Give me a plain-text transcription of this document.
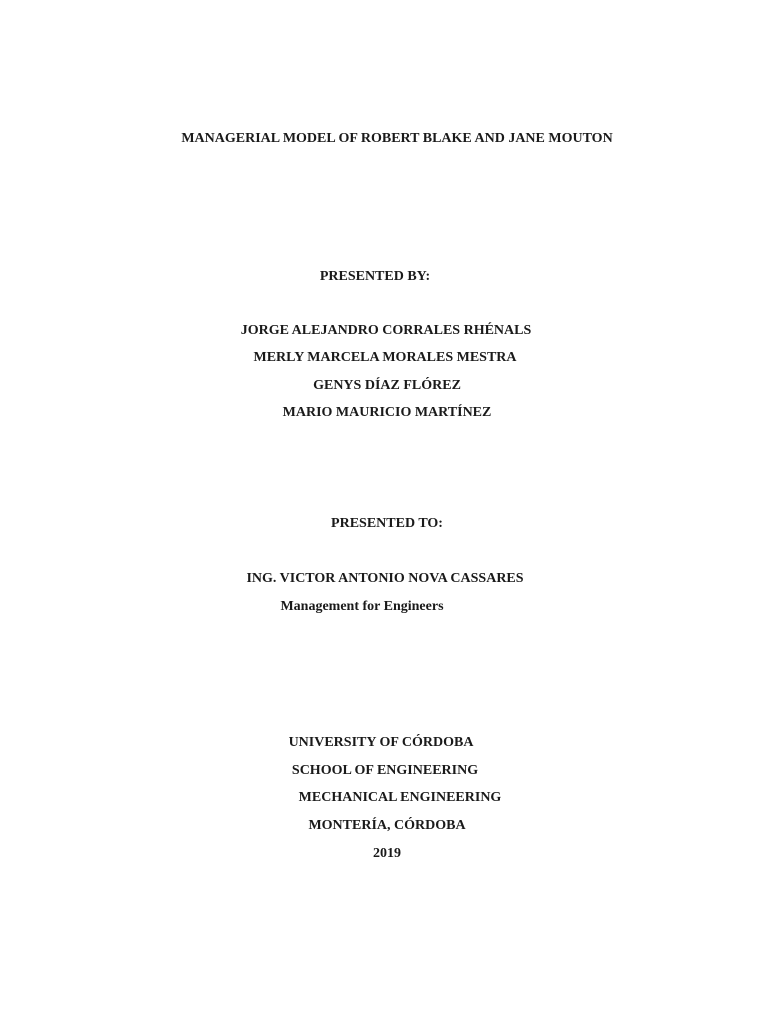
MANAGERIAL MODEL OF ROBERT BLAKE AND JANE MOUTON
PRESENTED BY:
JORGE ALEJANDRO CORRALES RHÉNALS
MERLY MARCELA MORALES MESTRA
GENYS DÍAZ FLÓREZ
MARIO MAURICIO MARTÍNEZ
PRESENTED TO:
ING. VICTOR ANTONIO NOVA CASSARES
Management for Engineers
UNIVERSITY OF CÓRDOBA
SCHOOL OF ENGINEERING
MECHANICAL ENGINEERING
MONTERÍA, CÓRDOBA
2019
